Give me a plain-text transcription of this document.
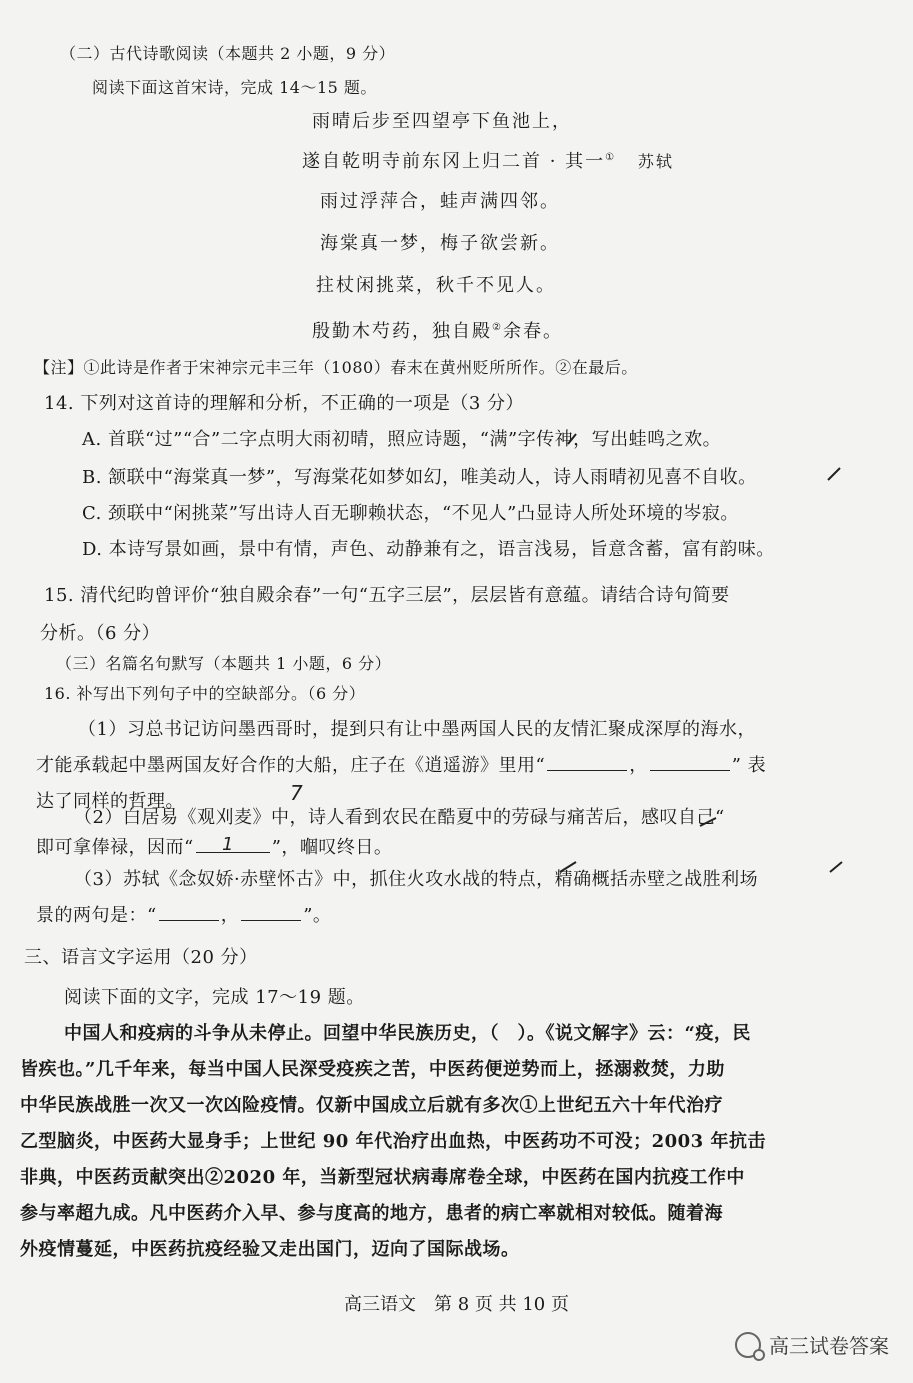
（二）古代诗歌阅读（本题共 2 小题，9 分）
阅读下面这首宋诗，完成 14～15 题。
雨晴后步至四望亭下鱼池上，
遂自乾明寺前东冈上归二首 · 其一① 苏轼
雨过浮萍合，蛙声满四邻。
海棠真一梦，梅子欲尝新。
拄杖闲挑菜，秋千不见人。
殷勤木芍药，独自殿②余春。
【注】①此诗是作者于宋神宗元丰三年（1080）春末在黄州贬所所作。②在最后。
14. 下列对这首诗的理解和分析，不正确的一项是（3 分）
A. 首联“过”“合”二字点明大雨初晴，照应诗题，“满”字传神，写出蛙鸣之欢。
B. 颔联中“海棠真一梦”，写海棠花如梦如幻，唯美动人，诗人雨晴初见喜不自收。
C. 颈联中“闲挑菜”写出诗人百无聊赖状态，“不见人”凸显诗人所处环境的岑寂。
D. 本诗写景如画，景中有情，声色、动静兼有之，语言浅易，旨意含蓄，富有韵味。
15. 清代纪昀曾评价“独自殿余春”一句“五字三层”，层层皆有意蕴。请结合诗句简要
分析。（6 分）
（三）名篇名句默写（本题共 1 小题，6 分）
16. 补写出下列句子中的空缺部分。（6 分）
（1）习总书记访问墨西哥时，提到只有让中墨两国人民的友情汇聚成深厚的海水，
才能承载起中墨两国友好合作的大船，庄子在《逍遥游》里用“	，	” 表
达了同样的哲理。
（2）白居易《观刈麦》中，诗人看到农民在酷夏中的劳碌与痛苦后，感叹自己“
即可拿俸禄，因而“	”，嗰叹终日。
（3）苏轼《念奴娇·赤壁怀古》中，抓住火攻水战的特点，精确概括赤壁之战胜利场
景的两句是：“	，	”。
三、语言文字运用（20 分）
阅读下面的文字，完成 17～19 题。
中国人和疫病的斗争从未停止。回望中华民族历史，（　）。《说文解字》云：“疫，民
皆疾也。”几千年来，每当中国人民深受疫疾之苦，中医药便逆势而上，拯溺救焚，力助
中华民族战胜一次又一次凶险疫情。仅新中国成立后就有多次①上世纪五六十年代治疗
乙型脑炎，中医药大显身手；上世纪 90 年代治疗出血热，中医药功不可没；2003 年抗击
非典，中医药贡献突出②2020 年，当新型冠状病毒席卷全球，中医药在国内抗疫工作中
参与率超九成。凡中医药介入早、参与度高的地方，患者的病亡率就相对较低。随着海
外疫情蔓延，中医药抗疫经验又走出国门，迈向了国际战场。
高三语文　第 8 页 共 10 页
高三试卷答案
7
1
